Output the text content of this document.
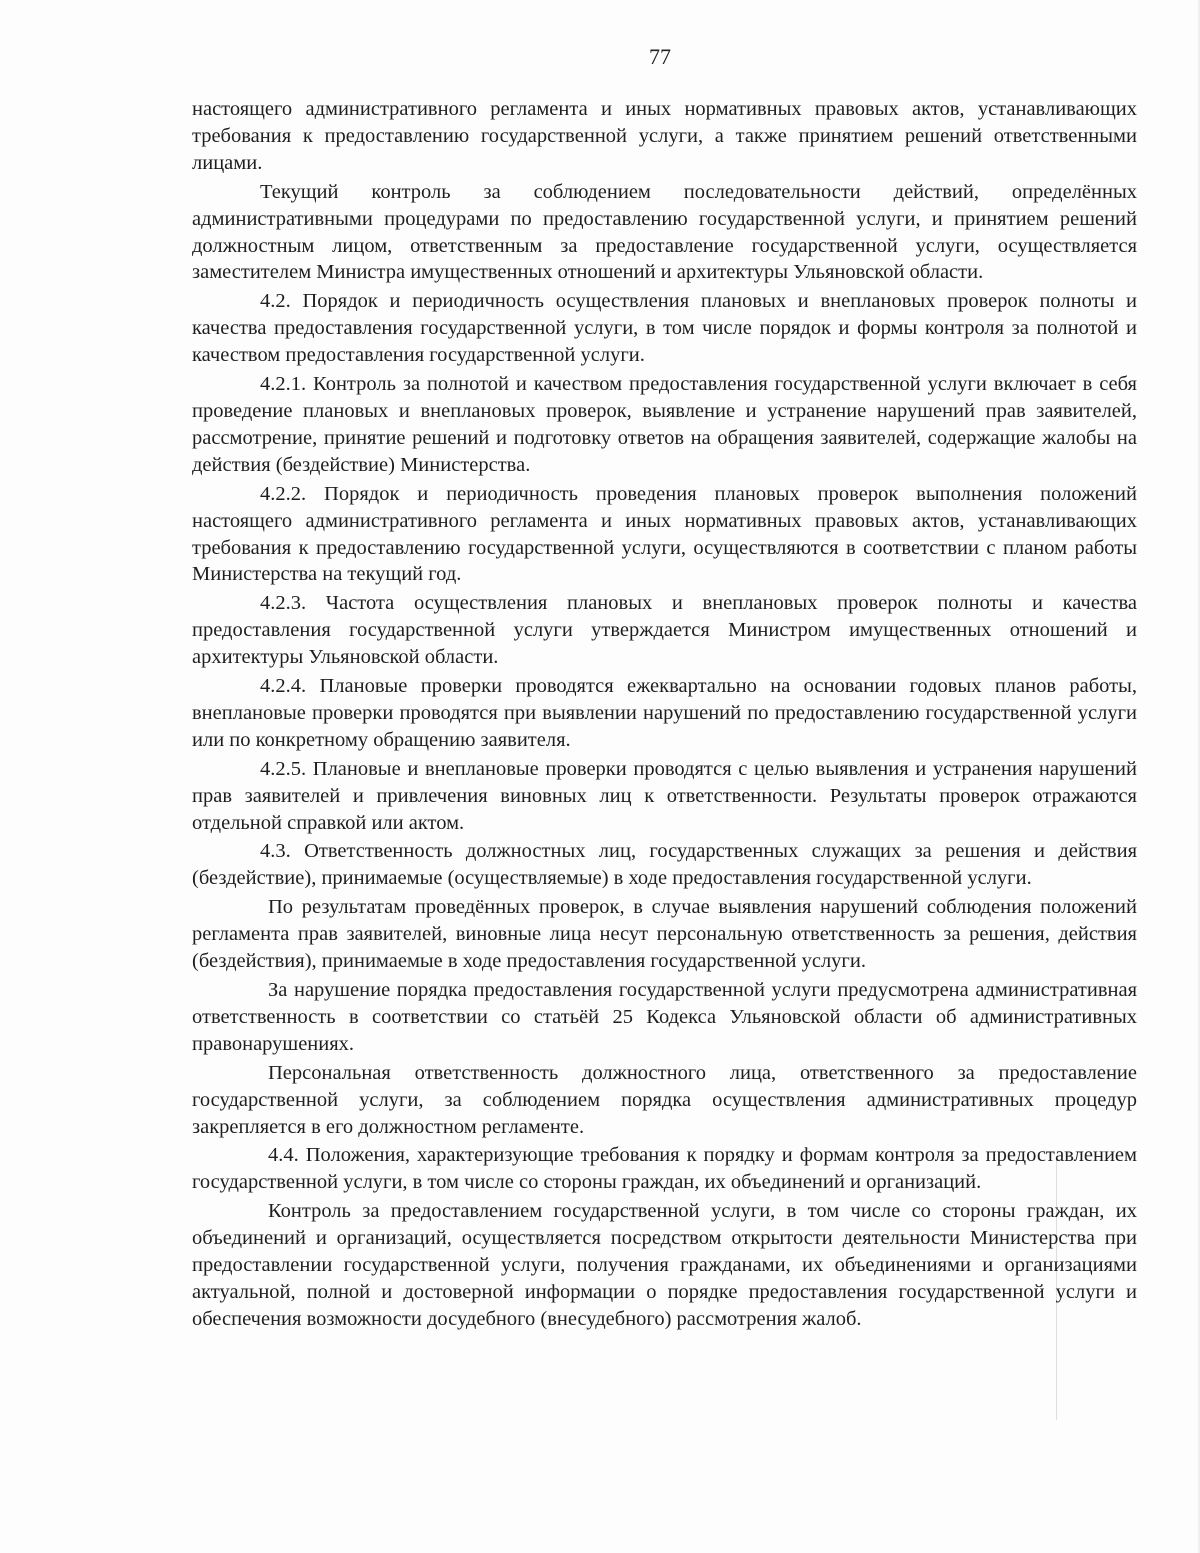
77

настоящего административного регламента и иных нормативных правовых актов, устанавливающих требования к предоставлению государственной услуги, а также принятием решений ответственными лицами.

Текущий контроль за соблюдением последовательности действий, определённых административными процедурами по предоставлению государственной услуги, и принятием решений должностным лицом, ответственным за предоставление государственной услуги, осуществляется заместителем Министра имущественных отношений и архитектуры Ульяновской области.

4.2. Порядок и периодичность осуществления плановых и внеплановых проверок полноты и качества предоставления государственной услуги, в том числе порядок и формы контроля за полнотой и качеством предоставления государственной услуги.

4.2.1. Контроль за полнотой и качеством предоставления государственной услуги включает в себя проведение плановых и внеплановых проверок, выявление и устранение нарушений прав заявителей, рассмотрение, принятие решений и подготовку ответов на обращения заявителей, содержащие жалобы на действия (бездействие) Министерства.

4.2.2. Порядок и периодичность проведения плановых проверок выполнения положений настоящего административного регламента и иных нормативных правовых актов, устанавливающих требования к предоставлению государственной услуги, осуществляются в соответствии с планом работы Министерства на текущий год.

4.2.3. Частота осуществления плановых и внеплановых проверок полноты и качества предоставления государственной услуги утверждается Министром имущественных отношений и архитектуры Ульяновской области.

4.2.4. Плановые проверки проводятся ежеквартально на основании годовых планов работы, внеплановые проверки проводятся при выявлении нарушений по предоставлению государственной услуги или по конкретному обращению заявителя.

4.2.5. Плановые и внеплановые проверки проводятся с целью выявления и устранения нарушений прав заявителей и привлечения виновных лиц к ответственности. Результаты проверок отражаются отдельной справкой или актом.

4.3. Ответственность должностных лиц, государственных служащих за решения и действия (бездействие), принимаемые (осуществляемые) в ходе предоставления государственной услуги.

По результатам проведённых проверок, в случае выявления нарушений соблюдения положений регламента прав заявителей, виновные лица несут персональную ответственность за решения, действия (бездействия), принимаемые в ходе предоставления государственной услуги.

За нарушение порядка предоставления государственной услуги предусмотрена административная ответственность в соответствии со статьёй 25 Кодекса Ульяновской области об административных правонарушениях.

Персональная ответственность должностного лица, ответственного за предоставление государственной услуги, за соблюдением порядка осуществления административных процедур закрепляется в его должностном регламенте.

4.4. Положения, характеризующие требования к порядку и формам контроля за предоставлением государственной услуги, в том числе со стороны граждан, их объединений и организаций.

Контроль за предоставлением государственной услуги, в том числе со стороны граждан, их объединений и организаций, осуществляется посредством открытости деятельности Министерства при предоставлении государственной услуги, получения гражданами, их объединениями и организациями актуальной, полной и достоверной информации о порядке предоставления государственной услуги и обеспечения возможности досудебного (внесудебного) рассмотрения жалоб.
